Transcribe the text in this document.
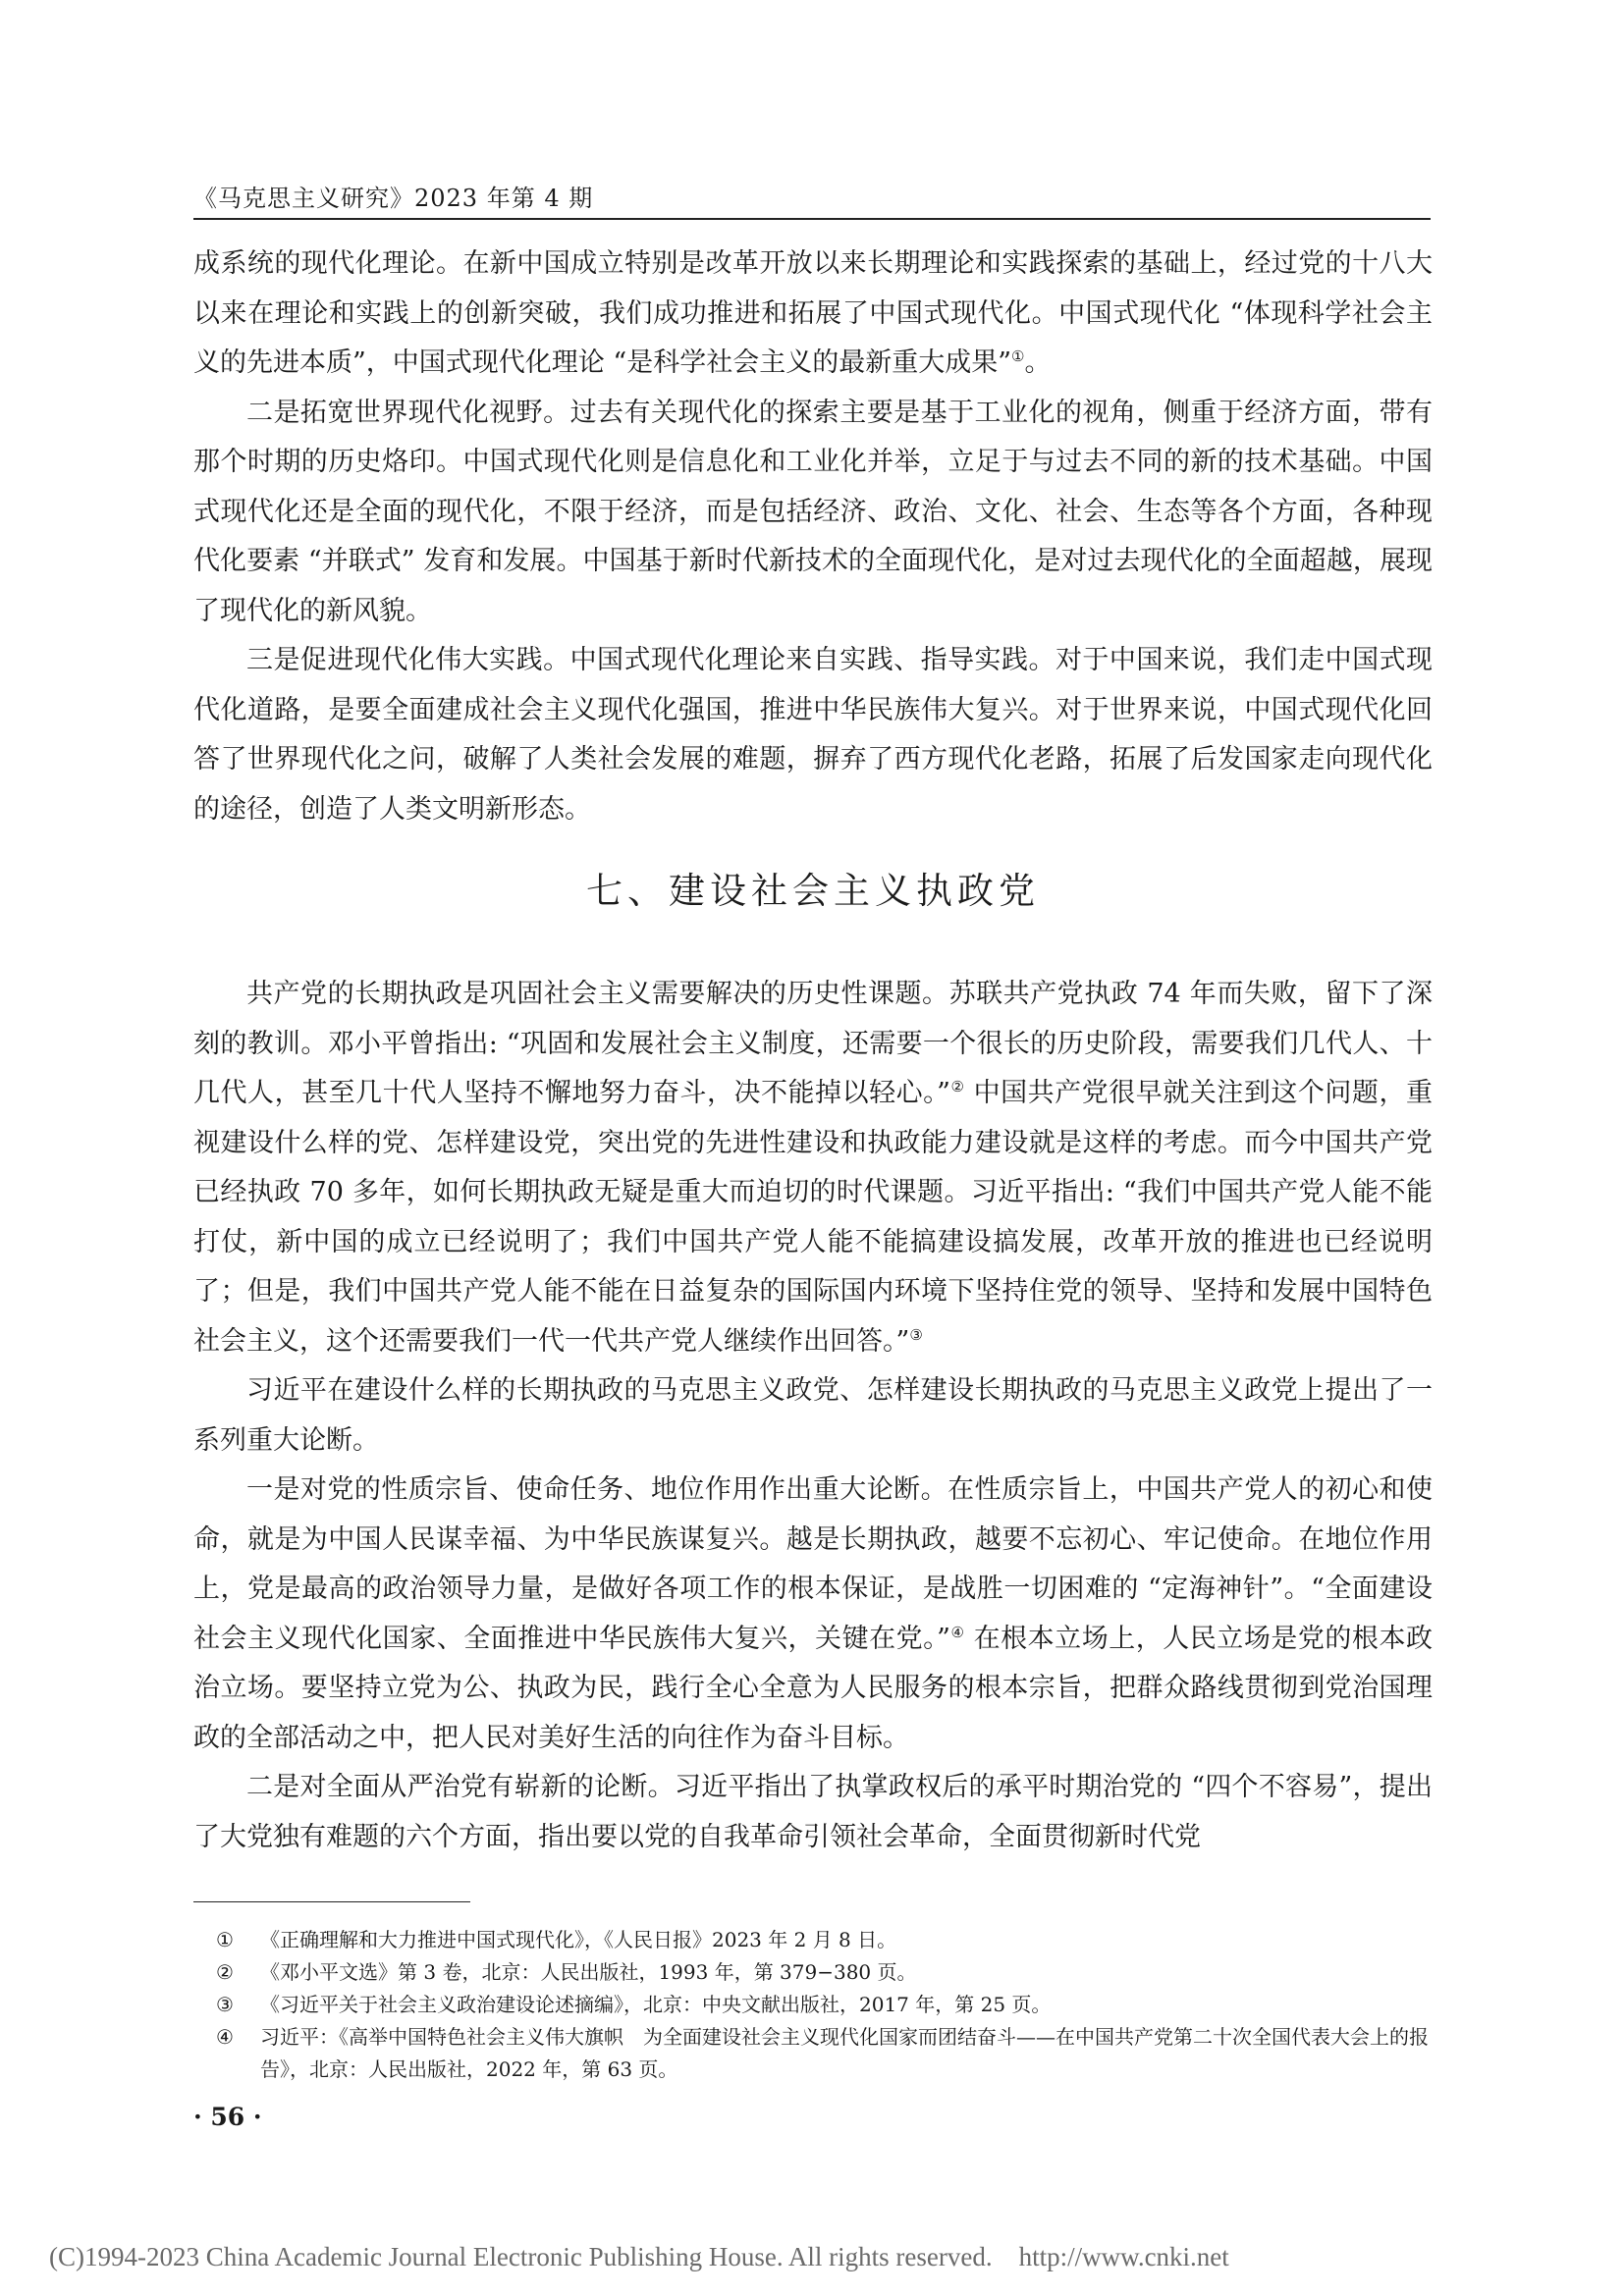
《马克思主义研究》2023 年第 4 期

成系统的现代化理论。在新中国成立特别是改革开放以来长期理论和实践探索的基础上，经过党的十八大以来在理论和实践上的创新突破，我们成功推进和拓展了中国式现代化。中国式现代化 “体现科学社会主义的先进本质”，中国式现代化理论 “是科学社会主义的最新重大成果”①。

二是拓宽世界现代化视野。过去有关现代化的探索主要是基于工业化的视角，侧重于经济方面，带有那个时期的历史烙印。中国式现代化则是信息化和工业化并举，立足于与过去不同的新的技术基础。中国式现代化还是全面的现代化，不限于经济，而是包括经济、政治、文化、社会、生态等各个方面，各种现代化要素 “并联式” 发育和发展。中国基于新时代新技术的全面现代化，是对过去现代化的全面超越，展现了现代化的新风貌。

三是促进现代化伟大实践。中国式现代化理论来自实践、指导实践。对于中国来说，我们走中国式现代化道路，是要全面建成社会主义现代化强国，推进中华民族伟大复兴。对于世界来说，中国式现代化回答了世界现代化之问，破解了人类社会发展的难题，摒弃了西方现代化老路，拓展了后发国家走向现代化的途径，创造了人类文明新形态。

七、建设社会主义执政党

共产党的长期执政是巩固社会主义需要解决的历史性课题。苏联共产党执政 74 年而失败，留下了深刻的教训。邓小平曾指出: “巩固和发展社会主义制度，还需要一个很长的历史阶段，需要我们几代人、十几代人，甚至几十代人坚持不懈地努力奋斗，决不能掉以轻心。”② 中国共产党很早就关注到这个问题，重视建设什么样的党、怎样建设党，突出党的先进性建设和执政能力建设就是这样的考虑。而今中国共产党已经执政 70 多年，如何长期执政无疑是重大而迫切的时代课题。习近平指出: “我们中国共产党人能不能打仗，新中国的成立已经说明了；我们中国共产党人能不能搞建设搞发展，改革开放的推进也已经说明了；但是，我们中国共产党人能不能在日益复杂的国际国内环境下坚持住党的领导、坚持和发展中国特色社会主义，这个还需要我们一代一代共产党人继续作出回答。”③

习近平在建设什么样的长期执政的马克思主义政党、怎样建设长期执政的马克思主义政党上提出了一系列重大论断。

一是对党的性质宗旨、使命任务、地位作用作出重大论断。在性质宗旨上，中国共产党人的初心和使命，就是为中国人民谋幸福、为中华民族谋复兴。越是长期执政，越要不忘初心、牢记使命。在地位作用上，党是最高的政治领导力量，是做好各项工作的根本保证，是战胜一切困难的 “定海神针”。“全面建设社会主义现代化国家、全面推进中华民族伟大复兴，关键在党。”④ 在根本立场上，人民立场是党的根本政治立场。要坚持立党为公、执政为民，践行全心全意为人民服务的根本宗旨，把群众路线贯彻到党治国理政的全部活动之中，把人民对美好生活的向往作为奋斗目标。

二是对全面从严治党有崭新的论断。习近平指出了执掌政权后的承平时期治党的 “四个不容易”，提出了大党独有难题的六个方面，指出要以党的自我革命引领社会革命，全面贯彻新时代党

①	《正确理解和大力推进中国式现代化》，《人民日报》2023 年 2 月 8 日。
②	《邓小平文选》第 3 卷，北京：人民出版社，1993 年，第 379−380 页。
③	《习近平关于社会主义政治建设论述摘编》，北京：中央文献出版社，2017 年，第 25 页。
④	习近平：《高举中国特色社会主义伟大旗帜　为全面建设社会主义现代化国家而团结奋斗——在中国共产党第二十次全国代表大会上的报告》，北京：人民出版社，2022 年，第 63 页。
· 56 ·
(C)1994-2023 China Academic Journal Electronic Publishing House. All rights reserved.    http://www.cnki.net
